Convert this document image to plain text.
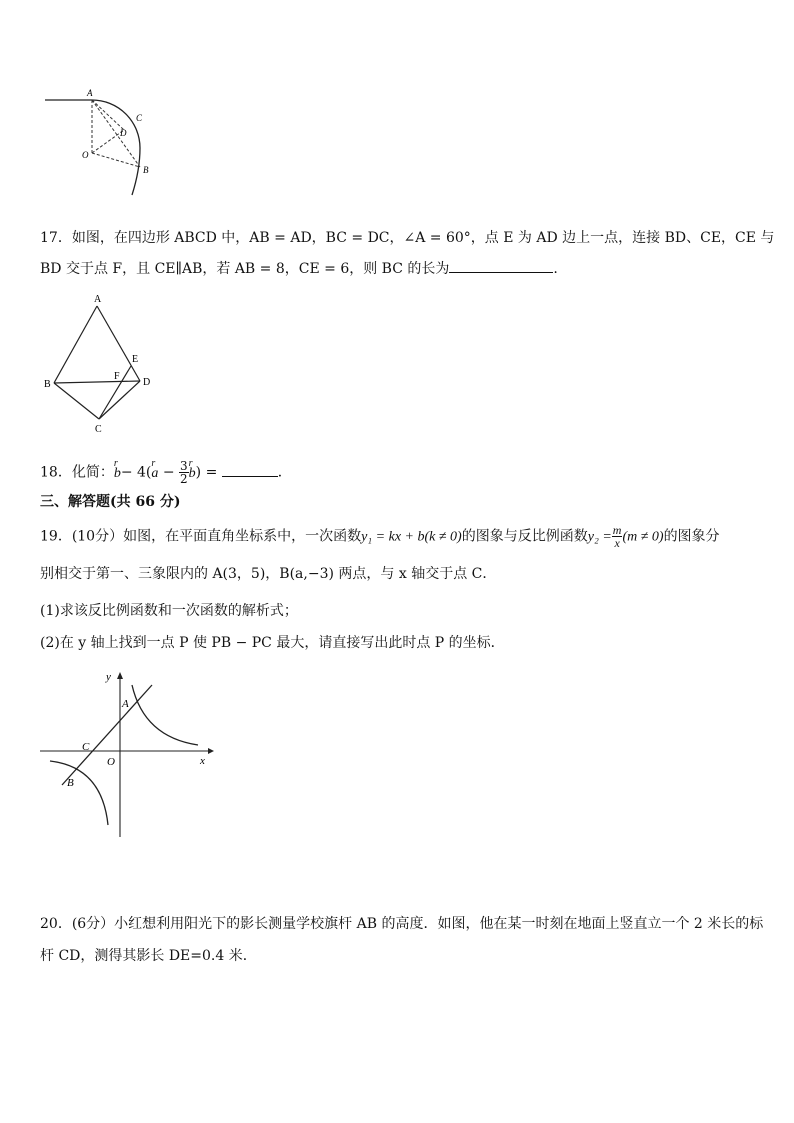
A
C
D
O
B
17．如图，在四边形 ABCD 中，AB = AD，BC = DC，∠A = 60°，点 E 为 AD 边上一点，连接 BD、CE，CE 与
BD 交于点 F，且 CE∥AB，若 AB = 8，CE = 6，则 BC 的长为	.
A
E
B
F
D
C
18．化简：
r
b− 4(
r
$a - \frac{3}{2}$ r
b) =	．
三、解答题(共 66 分)
19．(10分）如图，在平面直角坐标系中，一次函数y₁ = kx + b(k ≠ 0)的图象与反比例函数$y_2 = \frac{m}{x} (m \ne 0)$的图象分
别相交于第一、三象限内的 A(3，5)，B(a,−3) 两点，与 x 轴交于点 C．
(1)求该反比例函数和一次函数的解析式；
(2)在 y 轴上找到一点 P 使 PB − PC 最大，请直接写出此时点 P 的坐标．
y
A
C
O	x
B
20．(6分）小红想利用阳光下的影长测量学校旗杆 AB 的高度．如图，他在某一时刻在地面上竖直立一个 2 米长的标
杆 CD，测得其影长 DE=0.4 米．
